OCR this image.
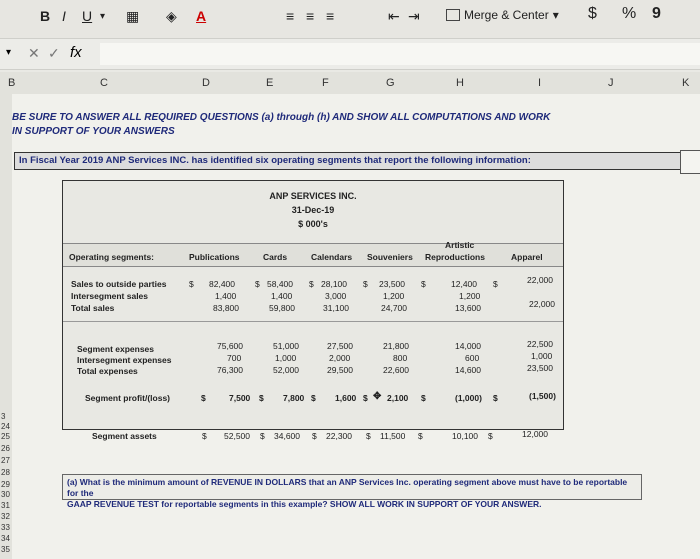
B I U ▾ ▦ ◈ A	≡ ≡ ≡	⇤ ⇥	Merge & Center ▾ $ % 9
▾ ✕ ✓ fx
B	C	D	E	F	G	H	I	J	K
3
24
25
26
27
28
29
30
31
32
33
34
35
BE SURE TO ANSWER ALL REQUIRED QUESTIONS (a) through (h) AND SHOW ALL COMPUTATIONS AND WORK
IN SUPPORT OF YOUR ANSWERS
In Fiscal Year 2019 ANP Services INC. has identified six operating segments that report the following information:
ANP SERVICES INC.
31-Dec-19
$ 000's
Operating segments:	Publications	Cards	Calendars Souveniers
Artistic
Reproductions	Apparel
Sales to outside parties
Intersegment sales
Total sales
$	$	$	$	$	$
82,400	58,400	28,100	23,500	12,400	22,000
1,400	1,400	3,000	1,200	1,200
83,800	59,800	31,100	24,700	13,600	22,000
Segment expenses
Intersegment expenses
Total expenses
75,600	51,000	27,500	21,800	14,000	22,500
700	1,000	2,000	800	600	1,000
76,300	52,000	29,500	22,600	14,600	23,500
Segment profit/(loss)	$	7,500 $ 7,800 $ 1,600 $ ✥ 2,100 $	(1,000) $	(1,500)
Segment assets	$ 52,500 $ 34,600 $ 22,300 $ 11,500 $	10,100 $	12,000
(a) What is the minimum amount of REVENUE IN DOLLARS that an ANP Services Inc. operating segment above must have to be reportable for the
GAAP REVENUE TEST for reportable segments in this example? SHOW ALL WORK IN SUPPORT OF YOUR ANSWER.
